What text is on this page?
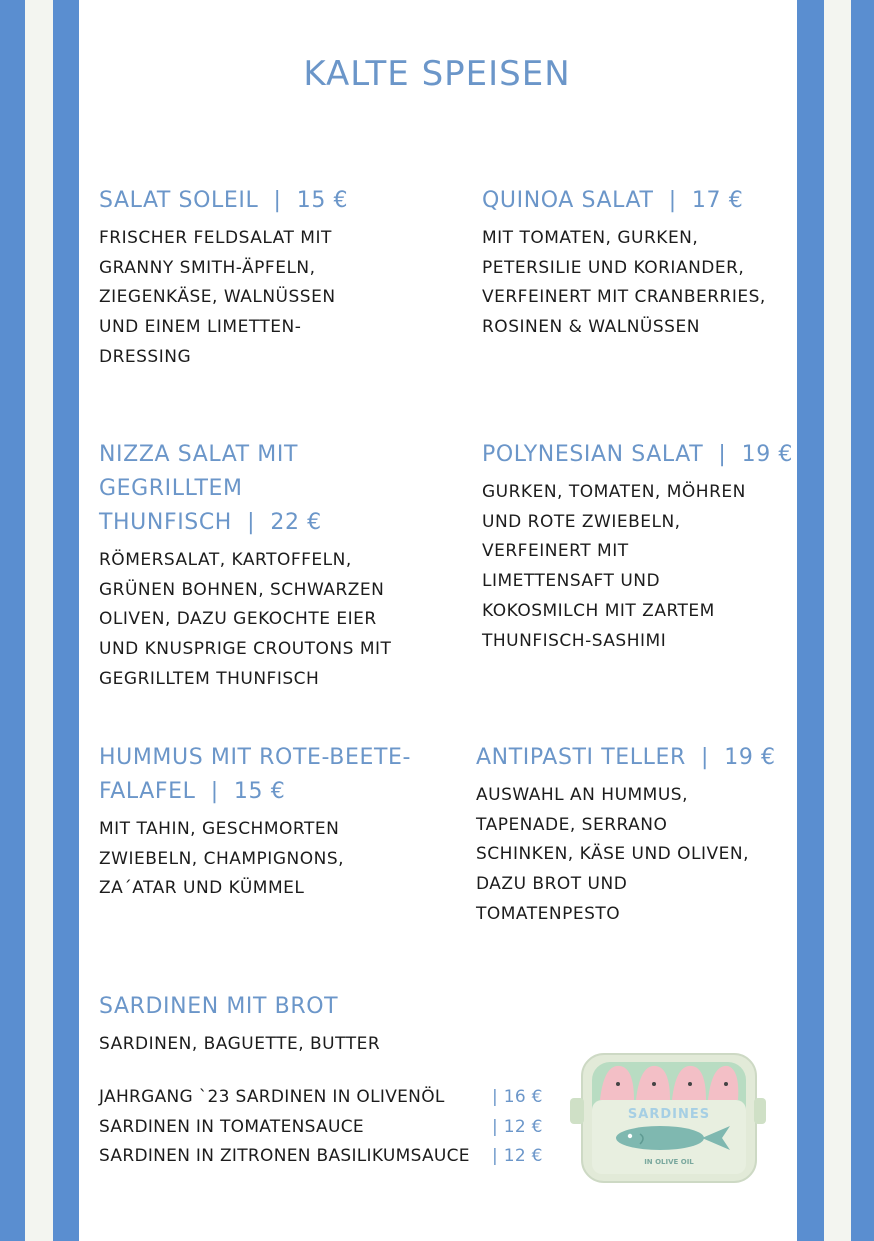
KALTE SPEISEN
SALAT SOLEIL  |  15 €
FRISCHER FELDSALAT MIT
GRANNY SMITH-ÄPFELN,
ZIEGENKÄSE, WALNÜSSEN
UND EINEM LIMETTEN-
DRESSING
QUINOA SALAT  |  17 €
MIT TOMATEN, GURKEN,
PETERSILIE UND KORIANDER,
VERFEINERT MIT CRANBERRIES,
ROSINEN & WALNÜSSEN
NIZZA SALAT MIT GEGRILLTEM
THUNFISCH  |  22 €
RÖMERSALAT, KARTOFFELN,
GRÜNEN BOHNEN, SCHWARZEN
OLIVEN, DAZU GEKOCHTE EIER
UND KNUSPRIGE CROUTONS MIT
GEGRILLTEM THUNFISCH
POLYNESIAN SALAT  |  19 €
GURKEN, TOMATEN, MÖHREN
UND ROTE ZWIEBELN,
VERFEINERT MIT
LIMETTENSAFT UND
KOKOSMILCH MIT ZARTEM
THUNFISCH-SASHIMI
HUMMUS MIT ROTE-BEETE-
FALAFEL  |  15 €
MIT TAHIN, GESCHMORTEN
ZWIEBELN, CHAMPIGNONS,
ZA´ATAR UND KÜMMEL
ANTIPASTI TELLER  |  19 €
AUSWAHL AN HUMMUS,
TAPENADE, SERRANO
SCHINKEN, KÄSE UND OLIVEN,
DAZU BROT UND
TOMATENPESTO
SARDINEN MIT BROT
SARDINEN, BAGUETTE, BUTTER
JAHRGANG `23 SARDINEN IN OLIVENÖL	| 16 €
SARDINEN IN TOMATENSAUCE	| 12 €
SARDINEN IN ZITRONEN BASILIKUMSAUCE | 12 €
SARDINES
IN OLIVE OIL
